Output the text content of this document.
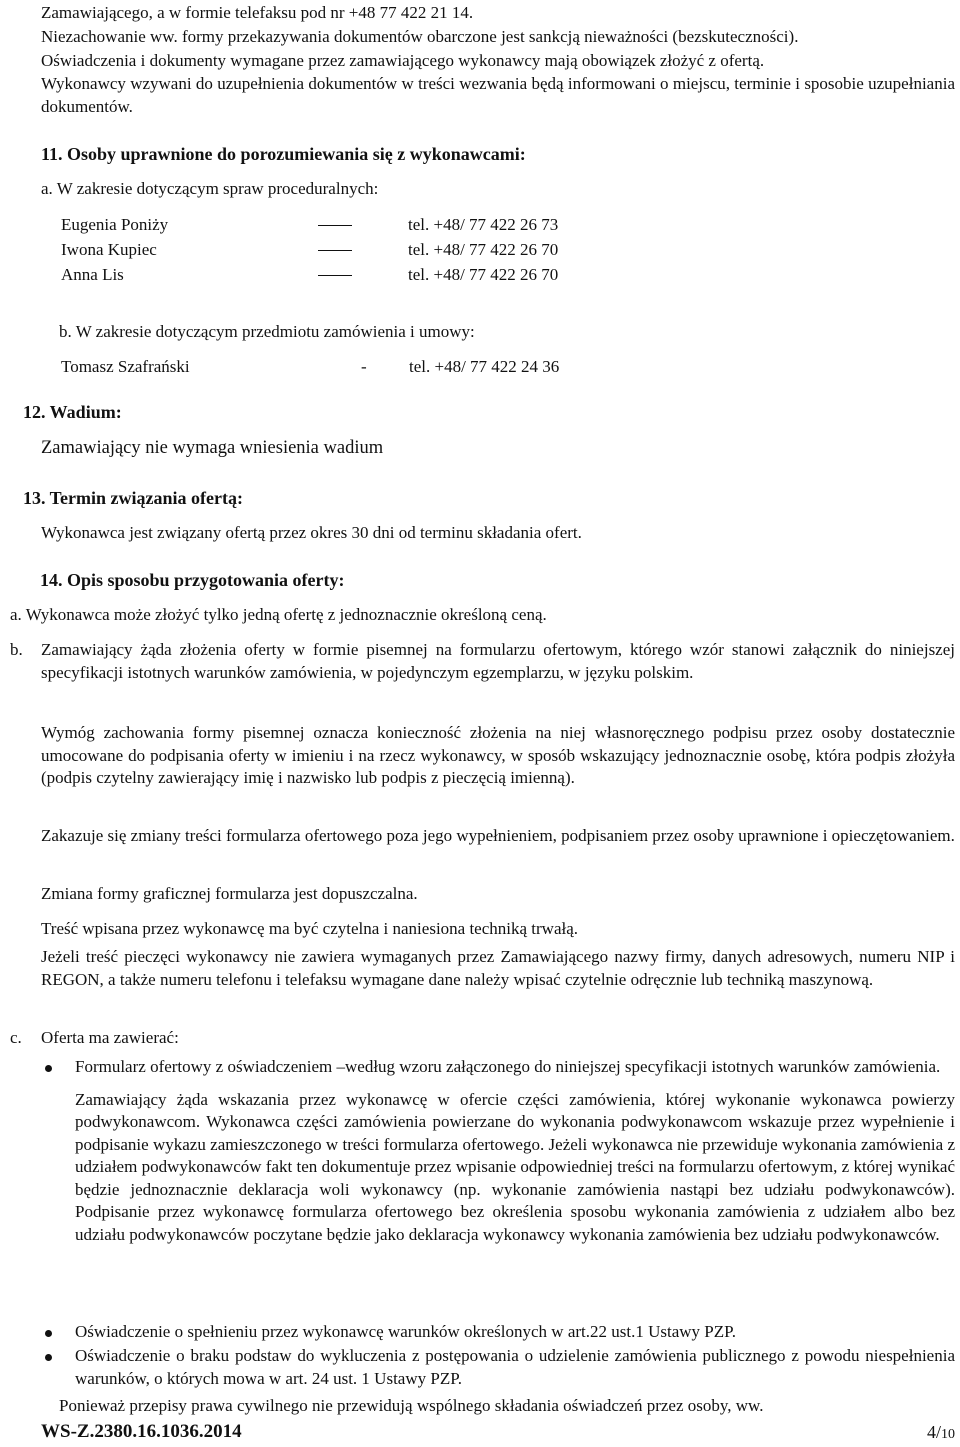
Zamawiającego, a w formie telefaksu pod nr +48 77 422 21 14.

Niezachowanie ww. formy przekazywania dokumentów obarczone jest sankcją nieważności (bezskuteczności).

Oświadczenia i dokumenty wymagane przez zamawiającego wykonawcy mają obowiązek złożyć z ofertą.

Wykonawcy wzywani do uzupełnienia dokumentów w treści wezwania będą informowani o miejscu, terminie i sposobie uzupełniania dokumentów.

11. Osoby uprawnione do porozumiewania się z wykonawcami:

a. W zakresie dotyczącym spraw proceduralnych:

Eugenia Poniży	tel. +48/ 77 422 26 73
Iwona Kupiec	tel. +48/ 77 422 26 70
Anna Lis	tel. +48/ 77 422 26 70

b. W zakresie dotyczącym przedmiotu zamówienia i umowy:

Tomasz Szafrański	- tel. +48/ 77 422 24 36

12. Wadium:

Zamawiający nie wymaga wniesienia wadium

13. Termin związania ofertą:

Wykonawca jest związany ofertą przez okres 30 dni od terminu składania ofert.

14. Opis sposobu przygotowania oferty:

a. Wykonawca może złożyć tylko jedną ofertę z jednoznacznie określoną ceną.

b.	Zamawiający żąda złożenia oferty w formie pisemnej na formularzu ofertowym, którego wzór stanowi załącznik do niniejszej specyfikacji istotnych warunków zamówienia, w pojedynczym egzemplarzu, w języku polskim.

Wymóg zachowania formy pisemnej oznacza konieczność złożenia na niej własnoręcznego podpisu przez osoby dostatecznie umocowane do podpisania oferty w imieniu i na rzecz wykonawcy, w sposób wskazujący jednoznacznie osobę, która podpis złożyła (podpis czytelny zawierający imię i nazwisko lub podpis z pieczęcią imienną).

Zakazuje się zmiany treści formularza ofertowego poza jego wypełnieniem, podpisaniem przez osoby uprawnione i opieczętowaniem.

Zmiana formy graficznej formularza jest dopuszczalna.

Treść wpisana przez wykonawcę ma być czytelna i naniesiona techniką trwałą.

Jeżeli treść pieczęci wykonawcy nie zawiera wymaganych przez Zamawiającego nazwy firmy, danych adresowych, numeru NIP i REGON, a także numeru telefonu i telefaksu wymagane dane należy wpisać czytelnie odręcznie lub techniką maszynową.

c.	Oferta ma zawierać:

Formularz ofertowy z oświadczeniem –według wzoru załączonego do niniejszej specyfikacji istotnych warunków zamówienia.

Zamawiający żąda wskazania przez wykonawcę w ofercie części zamówienia, której wykonanie wykonawca powierzy podwykonawcom. Wykonawca części zamówienia powierzane do wykonania podwykonawcom wskazuje przez wypełnienie i podpisanie wykazu zamieszczonego w treści formularza ofertowego. Jeżeli wykonawca nie przewiduje wykonania zamówienia z udziałem podwykonawców fakt ten dokumentuje przez wpisanie odpowiedniej treści na formularzu ofertowym, z której wynikać będzie jednoznacznie deklaracja woli wykonawcy (np. wykonanie zamówienia nastąpi bez udziału podwykonawców). Podpisanie przez wykonawcę formularza ofertowego bez określenia sposobu wykonania zamówienia z udziałem albo bez udziału podwykonawców poczytane będzie jako deklaracja wykonawcy wykonania zamówienia bez udziału podwykonawców.

Oświadczenie o spełnieniu przez wykonawcę warunków określonych w art.22 ust.1 Ustawy PZP.

Oświadczenie o braku podstaw do wykluczenia z postępowania o udzielenie zamówienia publicznego z powodu niespełnienia warunków, o których mowa w art. 24 ust. 1 Ustawy PZP.

Ponieważ przepisy prawa cywilnego nie przewidują wspólnego składania oświadczeń przez osoby, ww.

WS-Z.2380.16.1036.2014	4/10
